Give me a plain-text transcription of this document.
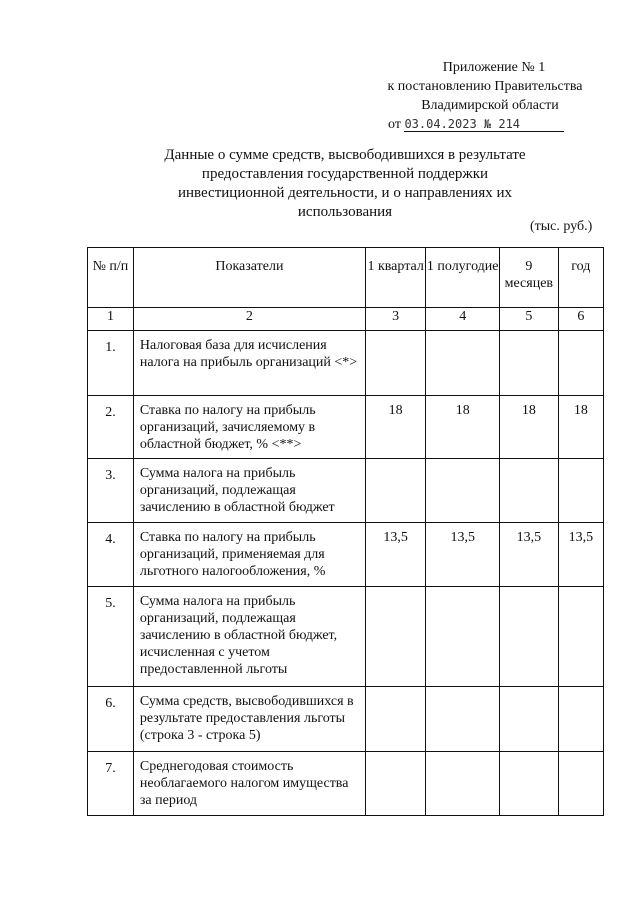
Приложение № 1
к постановлению Правительства
Владимирской области
от 03.04.2023 № 214
Данные о сумме средств, высвободившихся в результате предоставления государственной поддержки инвестиционной деятельности, и о направлениях их использования
(тыс. руб.)
№ п/п	Показатели	1 квартал	1 полугодие	9 месяцев	год
1	2	3	4	5	6
1.	Налоговая база для исчисления налога на прибыль организаций <*>				
2.	Ставка по налогу на прибыль организаций, зачисляемому в областной бюджет, % <**>	18	18	18	18
3.	Сумма налога на прибыль организаций, подлежащая зачислению в областной бюджет				
4.	Ставка по налогу на прибыль организаций, применяемая для льготного налогообложения, %	13,5	13,5	13,5	13,5
5.	Сумма налога на прибыль организаций, подлежащая зачислению в областной бюджет, исчисленная с учетом предоставленной льготы				
6.	Сумма средств, высвободившихся в результате предоставления льготы (строка 3 - строка 5)				
7.	Среднегодовая стоимость необлагаемого налогом имущества за период				
